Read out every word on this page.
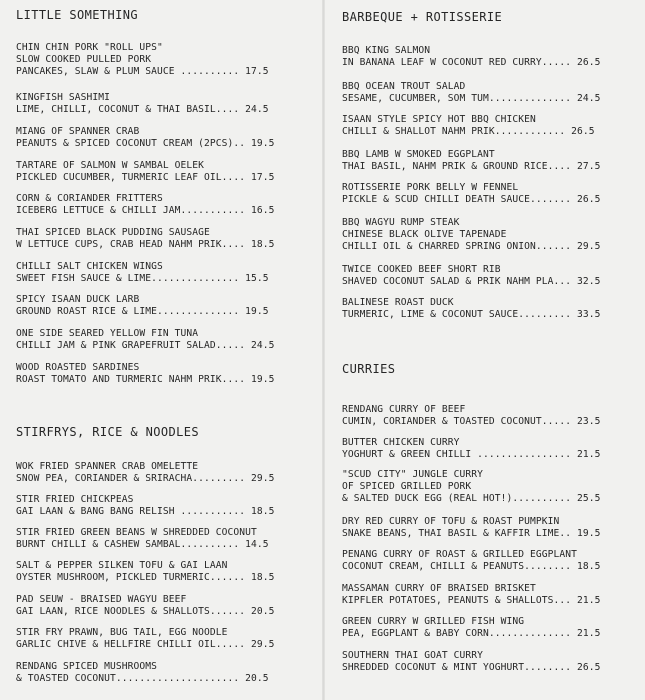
LITTLE SOMETHING
CHIN CHIN PORK "ROLL UPS"
SLOW COOKED PULLED PORK
PANCAKES, SLAW & PLUM SAUCE .......... 17.5
KINGFISH SASHIMI
LIME, CHILLI, COCONUT & THAI BASIL.... 24.5
MIANG OF SPANNER CRAB
PEANUTS & SPICED COCONUT CREAM (2PCS).. 19.5
TARTARE OF SALMON W SAMBAL OELEK
PICKLED CUCUMBER, TURMERIC LEAF OIL.... 17.5
CORN & CORIANDER FRITTERS
ICEBERG LETTUCE & CHILLI JAM........... 16.5
THAI SPICED BLACK PUDDING SAUSAGE
W LETTUCE CUPS, CRAB HEAD NAHM PRIK.... 18.5
CHILLI SALT CHICKEN WINGS
SWEET FISH SAUCE & LIME............... 15.5
SPICY ISAAN DUCK LARB
GROUND ROAST RICE & LIME.............. 19.5
ONE SIDE SEARED YELLOW FIN TUNA
CHILLI JAM & PINK GRAPEFRUIT SALAD..... 24.5
WOOD ROASTED SARDINES
ROAST TOMATO AND TURMERIC NAHM PRIK.... 19.5
STIRFRYS, RICE & NOODLES
WOK FRIED SPANNER CRAB OMELETTE
SNOW PEA, CORIANDER & SRIRACHA......... 29.5
STIR FRIED CHICKPEAS
GAI LAAN & BANG BANG RELISH ........... 18.5
STIR FRIED GREEN BEANS W SHREDDED COCONUT
BURNT CHILLI & CASHEW SAMBAL.......... 14.5
SALT & PEPPER SILKEN TOFU & GAI LAAN
OYSTER MUSHROOM, PICKLED TURMERIC...... 18.5
PAD SEUW - BRAISED WAGYU BEEF
GAI LAAN, RICE NOODLES & SHALLOTS...... 20.5
STIR FRY PRAWN, BUG TAIL, EGG NOODLE
GARLIC CHIVE & HELLFIRE CHILLI OIL..... 29.5
RENDANG SPICED MUSHROOMS
& TOASTED COCONUT..................... 20.5
BARBEQUE + ROTISSERIE
BBQ KING SALMON
IN BANANA LEAF W COCONUT RED CURRY..... 26.5
BBQ OCEAN TROUT SALAD
SESAME, CUCUMBER, SOM TUM.............. 24.5
ISAAN STYLE SPICY HOT BBQ CHICKEN
CHILLI & SHALLOT NAHM PRIK............ 26.5
BBQ LAMB W SMOKED EGGPLANT
THAI BASIL, NAHM PRIK & GROUND RICE.... 27.5
ROTISSERIE PORK BELLY W FENNEL
PICKLE & SCUD CHILLI DEATH SAUCE....... 26.5
BBQ WAGYU RUMP STEAK
CHINESE BLACK OLIVE TAPENADE
CHILLI OIL & CHARRED SPRING ONION...... 29.5
TWICE COOKED BEEF SHORT RIB
SHAVED COCONUT SALAD & PRIK NAHM PLA... 32.5
BALINESE ROAST DUCK
TURMERIC, LIME & COCONUT SAUCE......... 33.5
CURRIES
RENDANG CURRY OF BEEF
CUMIN, CORIANDER & TOASTED COCONUT..... 23.5
BUTTER CHICKEN CURRY
YOGHURT & GREEN CHILLI ................ 21.5
"SCUD CITY" JUNGLE CURRY
OF SPICED GRILLED PORK
& SALTED DUCK EGG (REAL HOT!).......... 25.5
DRY RED CURRY OF TOFU & ROAST PUMPKIN
SNAKE BEANS, THAI BASIL & KAFFIR LIME.. 19.5
PENANG CURRY OF ROAST & GRILLED EGGPLANT
COCONUT CREAM, CHILLI & PEANUTS........ 18.5
MASSAMAN CURRY OF BRAISED BRISKET
KIPFLER POTATOES, PEANUTS & SHALLOTS... 21.5
GREEN CURRY W GRILLED FISH WING
PEA, EGGPLANT & BABY CORN.............. 21.5
SOUTHERN THAI GOAT CURRY
SHREDDED COCONUT & MINT YOGHURT........ 26.5
